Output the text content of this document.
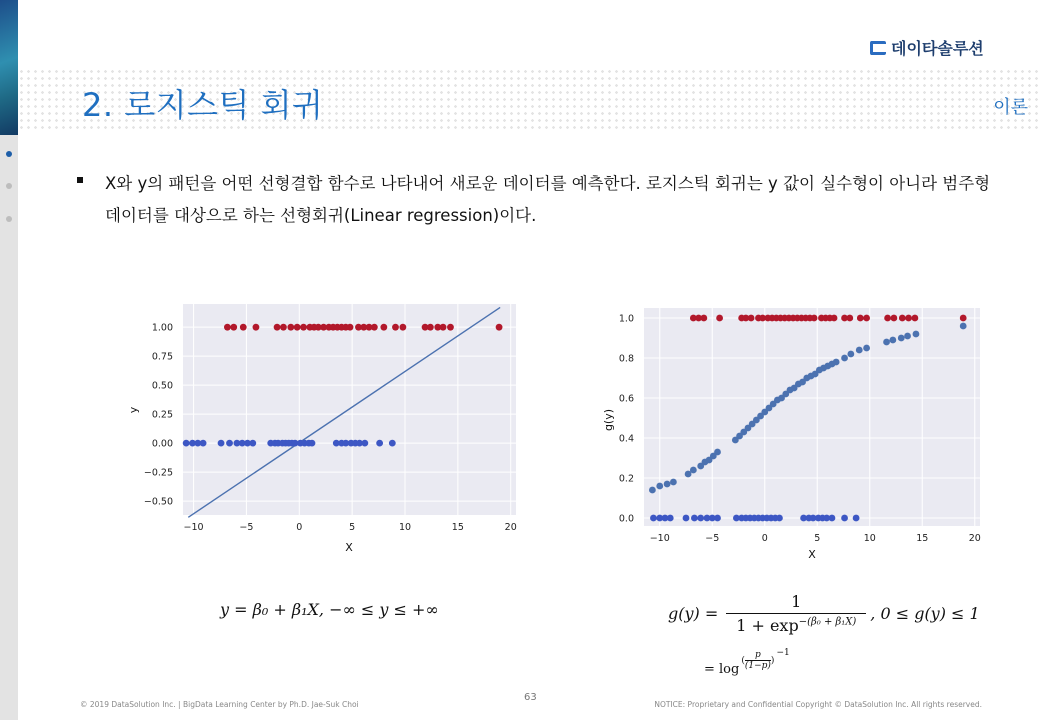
데이타솔루션
2. 로지스틱 회귀	이론
X와 y의 패턴을 어떤 선형결합 함수로 나타내어 새로운 데이터를 예측한다. 로지스틱 회귀는 y 값이 실수형이 아니라 범주형 데이터를 대상으로 하는 선형회귀(Linear regression)이다.
−10	−5	0	5	10	15	20
−0.50
−0.25
0.00
0.25
0.50
0.75
1.00
X
y
−10	−5	0	5	10	15	20
0.0
0.2
0.4
0.6
0.8
1.0
X
g(y)
y = β₀ + β₁X, −∞ ≤ y ≤ +∞	g(y) =
1
$1 + \exp^{-(\beta_0 + \beta_1X)}$ , 0 ≤ g(y) ≤ 1
= log
(
p
(1−p)
)
−1
© 2019 DataSolution Inc. | BigData Learning Center by Ph.D. Jae-Suk Choi
63
NOTICE: Proprietary and Confidential Copyright © DataSolution Inc. All rights reserved.
